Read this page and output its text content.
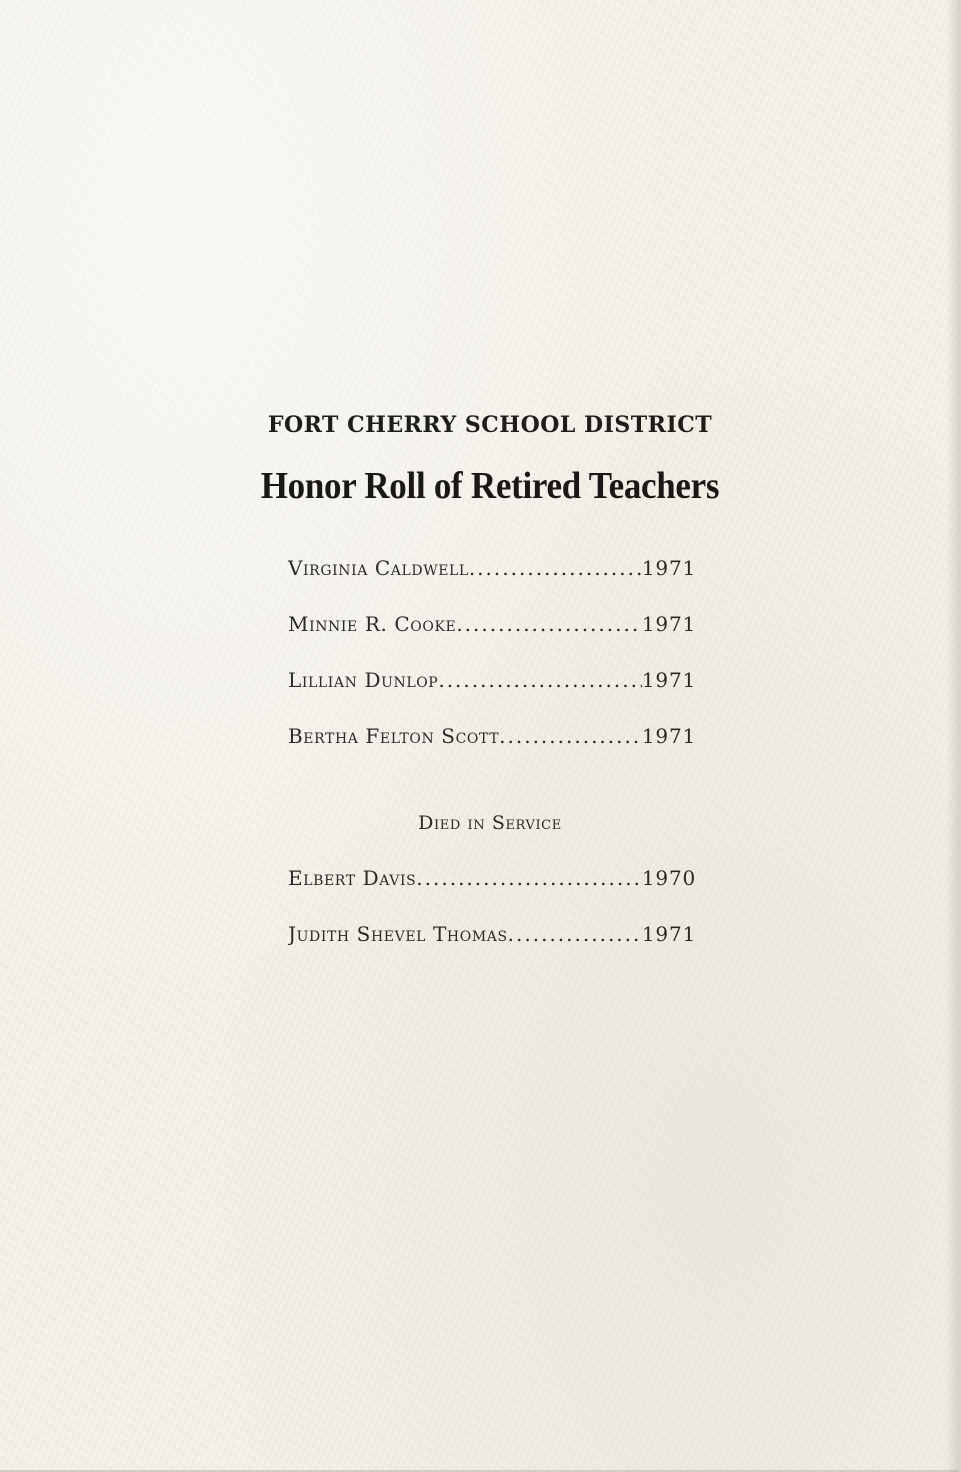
FORT CHERRY SCHOOL DISTRICT
Honor Roll of Retired Teachers
Virginia Caldwell .....	1971
Minnie R. Cooke .....	1971
Lillian Dunlop .....	1971
Bertha Felton Scott .....	1971
Died in Service
Elbert Davis .....	1970
Judith Shevel Thomas .....	1971
